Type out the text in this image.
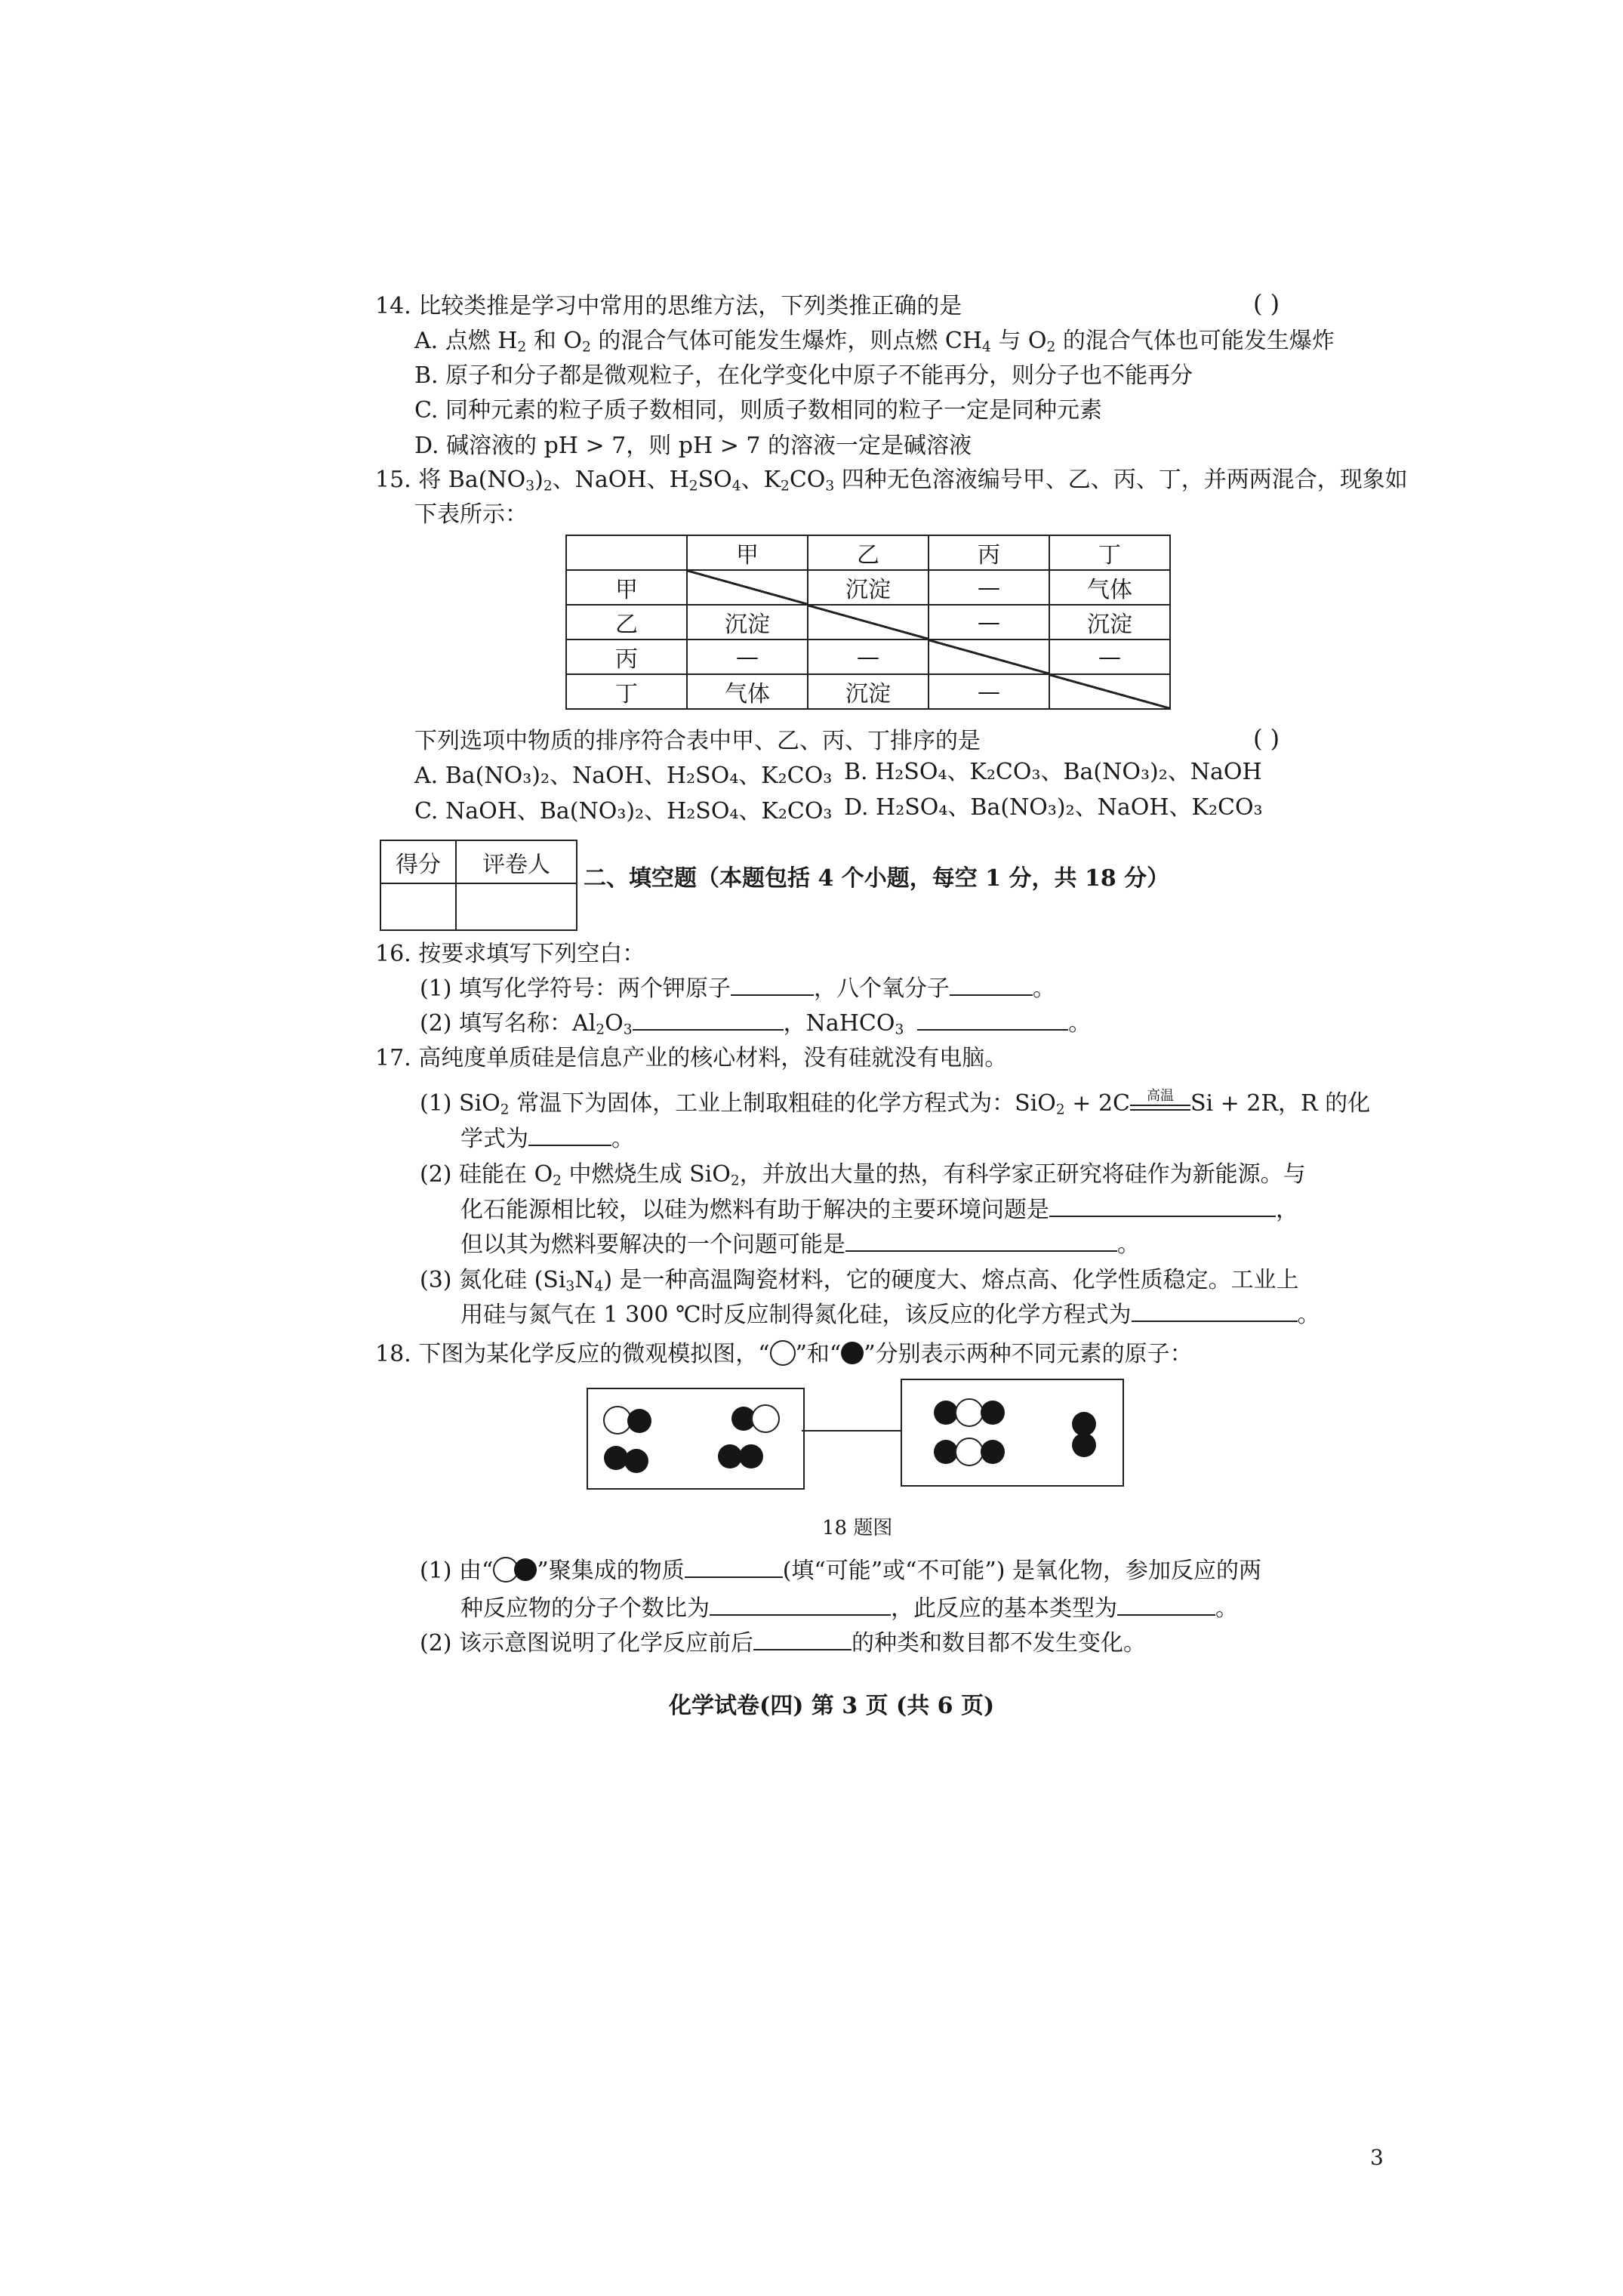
14. 比较类推是学习中常用的思维方法，下列类推正确的是	( )
A. 点燃 $H_2$ 和 $O_2$ 的混合气体可能发生爆炸，则点燃 $CH_4$ 与 $O_2$ 的混合气体也可能发生爆炸
B. 原子和分子都是微观粒子，在化学变化中原子不能再分，则分子也不能再分
C. 同种元素的粒子质子数相同，则质子数相同的粒子一定是同种元素
D. 碱溶液的 pH > 7，则 pH > 7 的溶液一定是碱溶液
15. 将 $Ba(NO_3)_2$、NaOH、$H_2SO_4$、$K_2CO_3$ 四种无色溶液编号甲、乙、丙、丁，并两两混合，现象如
下表所示：
	甲	乙	丙	丁
甲		沉淀	—	气体
乙	沉淀		—	沉淀
丙	—	—		—
丁	气体	沉淀	—	
下列选项中物质的排序符合表中甲、乙、丙、丁排序的是	( )
A. Ba(NO₃)₂、NaOH、H₂SO₄、K₂CO₃ B. H₂SO₄、K₂CO₃、Ba(NO₃)₂、NaOH
C. NaOH、Ba(NO₃)₂、H₂SO₄、K₂CO₃ D. H₂SO₄、Ba(NO₃)₂、NaOH、K₂CO₃
得分	评卷人

二、填空题（本题包括 4 个小题，每空 1 分，共 18 分）
16. 按要求填写下列空白：
(1) 填写化学符号：两个钾原子	，八个氧分子	。
(2) 填写名称：$Al_2O_3$	，NaHCO$_3$	。
17. 高纯度单质硅是信息产业的核心材料，没有硅就没有电脑。
(1) SiO$_2$ 常温下为固体，工业上制取粗硅的化学方程式为：SiO$_2$ + 2C	高温 Si + 2R，R 的化
学式为	。
(2) 硅能在 $O_2$ 中燃烧生成 SiO$_2$，并放出大量的热，有科学家正研究将硅作为新能源。与
化石能源相比较，以硅为燃料有助于解决的主要环境问题是	，
但以其为燃料要解决的一个问题可能是	。
(3) 氮化硅 $(Si_3N_4)$ 是一种高温陶瓷材料，它的硬度大、熔点高、化学性质稳定。工业上
用硅与氮气在 1 300 ℃时反应制得氮化硅，该反应的化学方程式为	。
18. 下图为某化学反应的微观模拟图，“ ”和“ ”分别表示两种不同元素的原子：
18 题图
(1) 由“ ”聚集成的物质	(填“可能”或“不可能”) 是氧化物，参加反应的两
种反应物的分子个数比为	，此反应的基本类型为	。
(2) 该示意图说明了化学反应前后	的种类和数目都不发生变化。
化学试卷(四) 第 3 页 (共 6 页)
3
